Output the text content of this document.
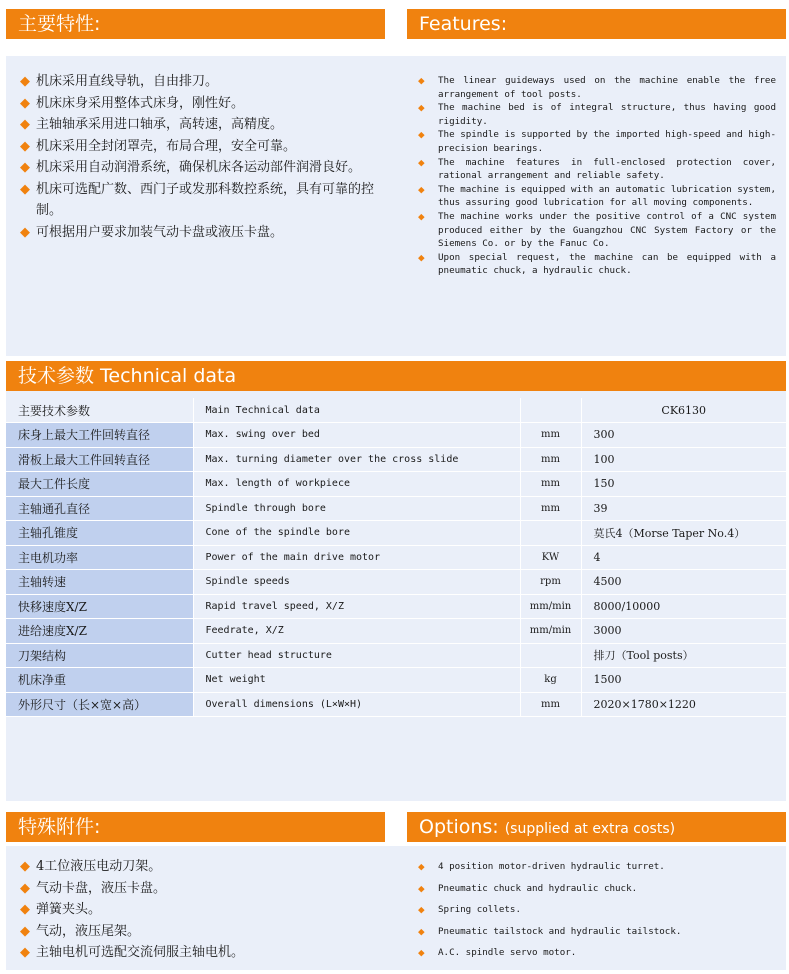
主要特性:	Features:
◆ 机床采用直线导轨，自由排刀。
◆ 机床床身采用整体式床身，刚性好。
◆ 主轴轴承采用进口轴承，高转速，高精度。
◆ 机床采用全封闭罩壳，布局合理，安全可靠。
◆ 机床采用自动润滑系统，确保机床各运动部件润滑良好。
◆ 机床可选配广数、西门子或发那科数控系统，具有可靠的控制。
◆ 可根据用户要求加装气动卡盘或液压卡盘。
◆ The linear guideways used on the machine enable the free arrangement of tool posts.
◆ The machine bed is of integral structure, thus having good rigidity.
◆ The spindle is supported by the imported high-speed and high-precision bearings.
◆ The machine features in full-enclosed protection cover, rational arrangement and reliable safety.
◆ The machine is equipped with an automatic lubrication system, thus assuring good lubrication for all moving components.
◆ The machine works under the positive control of a CNC system produced either by the Guangzhou CNC System Factory or the Siemens Co. or by the Fanuc Co.
◆ Upon special request, the machine can be equipped with a pneumatic chuck, a hydraulic chuck.
技术参数 Technical data
主要技术参数	Main Technical data		CK6130
床身上最大工件回转直径	Max. swing over bed	mm	300
滑板上最大工件回转直径	Max. turning diameter over the cross slide	mm	100
最大工件长度	Max. length of workpiece	mm	150
主轴通孔直径	Spindle through bore	mm	39
主轴孔锥度	Cone of the spindle bore		莫氏4（Morse Taper No.4）
主电机功率	Power of the main drive motor	KW	4
主轴转速	Spindle speeds	rpm	4500
快移速度X/Z	Rapid travel speed, X/Z	mm/min	8000/10000
进给速度X/Z	Feedrate, X/Z	mm/min	3000
刀架结构	Cutter head structure		排刀（Tool posts）
机床净重	Net weight	kg	1500
外形尺寸（长×宽×高）	Overall dimensions (L×W×H)	mm	2020×1780×1220
特殊附件:	Options: (supplied at extra costs)
◆ 4工位液压电动刀架。
◆ 气动卡盘，液压卡盘。
◆ 弹簧夹头。
◆ 气动，液压尾架。
◆ 主轴电机可选配交流伺服主轴电机。
◆ 4 position motor-driven hydraulic turret.
◆ Pneumatic chuck and hydraulic chuck.
◆ Spring collets.
◆ Pneumatic tailstock and hydraulic tailstock.
◆ A.C. spindle servo motor.
